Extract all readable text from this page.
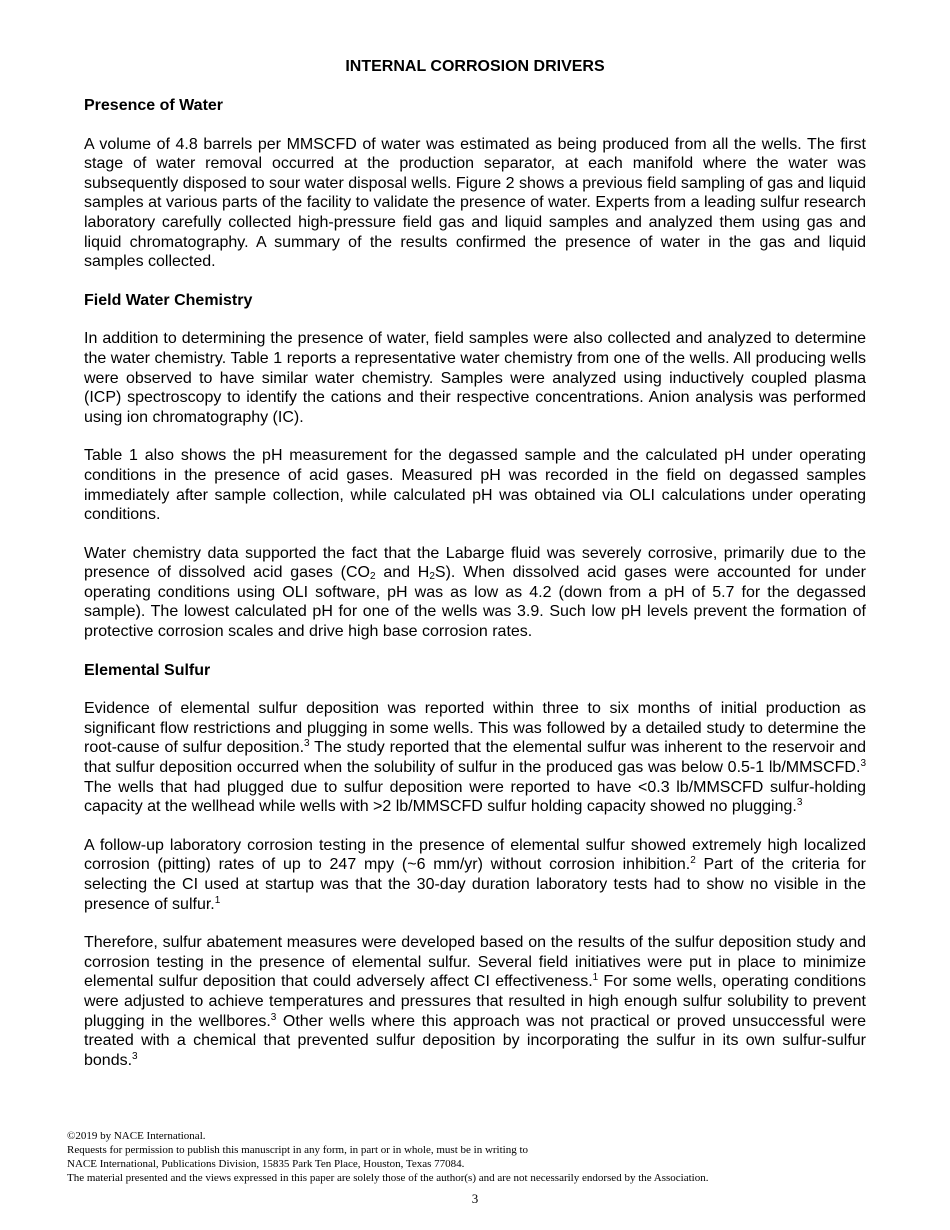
INTERNAL CORROSION DRIVERS
Presence of Water

A volume of 4.8 barrels per MMSCFD of water was estimated as being produced from all the wells. The first stage of water removal occurred at the production separator, at each manifold where the water was subsequently disposed to sour water disposal wells. Figure 2 shows a previous field sampling of gas and liquid samples at various parts of the facility to validate the presence of water. Experts from a leading sulfur research laboratory carefully collected high-pressure field gas and liquid samples and analyzed them using gas and liquid chromatography. A summary of the results confirmed the presence of water in the gas and liquid samples collected.

Field Water Chemistry

In addition to determining the presence of water, field samples were also collected and analyzed to determine the water chemistry. Table 1 reports a representative water chemistry from one of the wells. All producing wells were observed to have similar water chemistry. Samples were analyzed using inductively coupled plasma (ICP) spectroscopy to identify the cations and their respective concentrations. Anion analysis was performed using ion chromatography (IC).

Table 1 also shows the pH measurement for the degassed sample and the calculated pH under operating conditions in the presence of acid gases. Measured pH was recorded in the field on degassed samples immediately after sample collection, while calculated pH was obtained via OLI calculations under operating conditions.

Water chemistry data supported the fact that the Labarge fluid was severely corrosive, primarily due to the presence of dissolved acid gases ($CO_2$ and $H_2S$). When dissolved acid gases were accounted for under operating conditions using OLI software, pH was as low as 4.2 (down from a pH of 5.7 for the degassed sample). The lowest calculated pH for one of the wells was 3.9. Such low pH levels prevent the formation of protective corrosion scales and drive high base corrosion rates.

Elemental Sulfur

Evidence of elemental sulfur deposition was reported within three to six months of initial production as significant flow restrictions and plugging in some wells. This was followed by a detailed study to determine the root-cause of sulfur deposition.$^3$ The study reported that the elemental sulfur was inherent to the reservoir and that sulfur deposition occurred when the solubility of sulfur in the produced gas was below 0.5-1 lb/MMSCFD.$^3$ The wells that had plugged due to sulfur deposition were reported to have <0.3 lb/MMSCFD sulfur-holding capacity at the wellhead while wells with >2 lb/MMSCFD sulfur holding capacity showed no plugging.$^3$

A follow-up laboratory corrosion testing in the presence of elemental sulfur showed extremely high localized corrosion (pitting) rates of up to 247 mpy (~6 mm/yr) without corrosion inhibition.$^2$ Part of the criteria for selecting the CI used at startup was that the 30-day duration laboratory tests had to show no visible in the presence of sulfur.$^1$

Therefore, sulfur abatement measures were developed based on the results of the sulfur deposition study and corrosion testing in the presence of elemental sulfur. Several field initiatives were put in place to minimize elemental sulfur deposition that could adversely affect CI effectiveness.$^1$ For some wells, operating conditions were adjusted to achieve temperatures and pressures that resulted in high enough sulfur solubility to prevent plugging in the wellbores.$^3$ Other wells where this approach was not practical or proved unsuccessful were treated with a chemical that prevented sulfur deposition by incorporating the sulfur in its own sulfur-sulfur bonds.$^3$

©2019 by NACE International.
Requests for permission to publish this manuscript in any form, in part or in whole, must be in writing to
NACE International, Publications Division, 15835 Park Ten Place, Houston, Texas 77084.
The material presented and the views expressed in this paper are solely those of the author(s) and are not necessarily endorsed by the Association.
3
